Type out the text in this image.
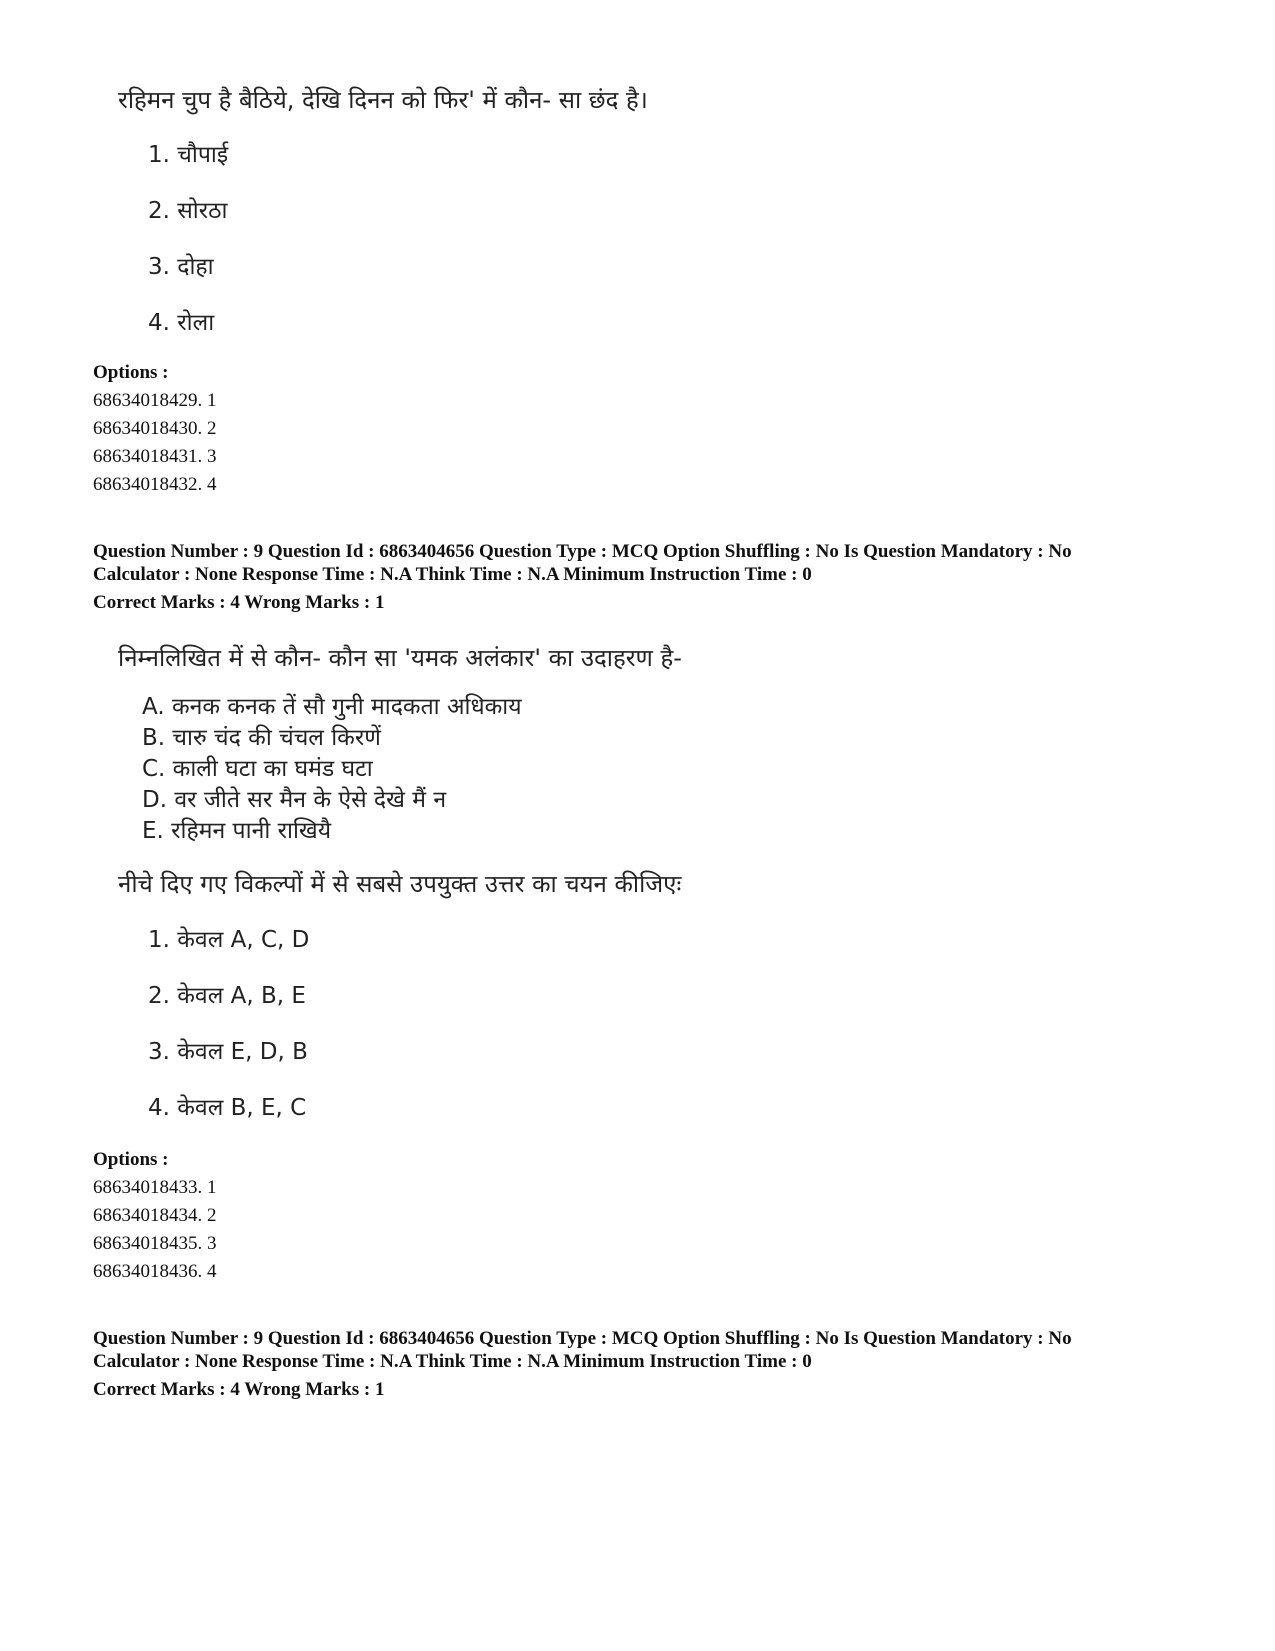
रहिमन चुप है बैठिये, देखि दिनन को फिर' में कौन- सा छंद है।
1. चौपाई
2. सोरठा
3. दोहा
4. रोला
Options :
68634018429. 1
68634018430. 2
68634018431. 3
68634018432. 4
Question Number : 9 Question Id : 6863404656 Question Type : MCQ Option Shuffling : No Is Question Mandatory : No
Calculator : None Response Time : N.A Think Time : N.A Minimum Instruction Time : 0
Correct Marks : 4 Wrong Marks : 1
निम्नलिखित में से कौन- कौन सा 'यमक अलंकार' का उदाहरण है-
A. कनक कनक तें सौ गुनी मादकता अधिकाय
B. चारु चंद की चंचल किरणें
C. काली घटा का घमंड घटा
D. वर जीते सर मैन के ऐसे देखे मैं न
E. रहिमन पानी राखियै
नीचे दिए गए विकल्पों में से सबसे उपयुक्त उत्तर का चयन कीजिएः
1. केवल A, C, D
2. केवल A, B, E
3. केवल E, D, B
4. केवल B, E, C
Options :
68634018433. 1
68634018434. 2
68634018435. 3
68634018436. 4
Question Number : 9 Question Id : 6863404656 Question Type : MCQ Option Shuffling : No Is Question Mandatory : No
Calculator : None Response Time : N.A Think Time : N.A Minimum Instruction Time : 0
Correct Marks : 4 Wrong Marks : 1
